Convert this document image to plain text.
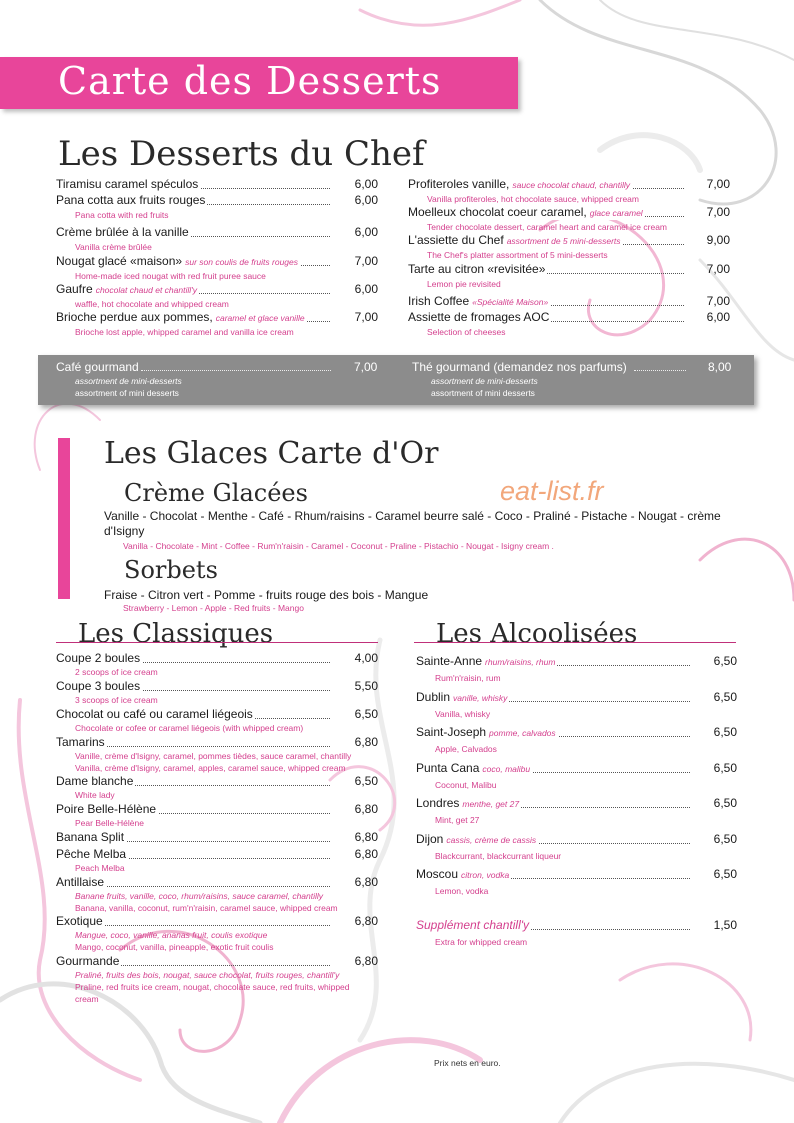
Carte des Desserts
Les Desserts du Chef
Tiramisu caramel spéculos	6,00
Pana cotta aux fruits rouges	6,00
Pana cotta with red fruits
Crème brûlée à la vanille	6,00
Vanilla crème brûlée
Nougat glacé «maison» sur son coulis de fruits rouges	7,00
Home-made iced nougat with red fruit puree sauce
Gaufre chocolat chaud et chantill'y	6,00
waffle, hot chocolate and whipped cream
Brioche perdue aux pommes, caramel et glace vanille	7,00
Brioche lost apple, whipped caramel and vanilla ice cream
Profiteroles vanille, sauce chocolat chaud, chantilly	7,00
Vanilla profiteroles, hot chocolate sauce, whipped cream
Moelleux chocolat coeur caramel, glace caramel	7,00
Tender chocolate dessert, caramel heart and caramel ice cream
L'assiette du Chef assortment de 5 mini-desserts	9,00
The Chef's platter assortment of 5 mini-desserts
Tarte au citron «revisitée»	7,00
Lemon pie revisited
Irish Coffee «Spécialité Maison»	7,00
Assiette de fromages AOC	6,00
Selection of cheeses
Café gourmand	7,00
assortment de mini-desserts
assortment of mini desserts
Thé gourmand (demandez nos parfums)	8,00
assortment de mini-desserts
assortment of mini desserts
Les Glaces Carte d'Or
Crème Glacées	eat-list.fr
Vanille - Chocolat - Menthe - Café - Rhum/raisins - Caramel beurre salé - Coco - Praliné - Pistache - Nougat - crème d'Isigny
Vanilla - Chocolate - Mint - Coffee - Rum'n'raisin - Caramel - Coconut - Praline - Pistachio - Nougat - Isigny cream .
Sorbets
Fraise - Citron vert - Pomme - fruits rouge des bois - Mangue
Strawberry - Lemon - Apple - Red fruits - Mango
Les Classiques
Coupe 2 boules	4,00
2 scoops of ice cream
Coupe 3 boules	5,50
3 scoops of ice cream
Chocolat ou café ou caramel liégeois	6,50
Chocolate or cofee or caramel liégeois (with whipped cream)
Tamarins	6,80
Vanille, crème d'Isigny, caramel, pommes tièdes, sauce caramel, chantilly
Vanilla, crème d'Isigny, caramel, apples, caramel sauce, whipped cream
Dame blanche	6,50
White lady
Poire Belle-Hélène	6,80
Pear Belle-Hélène
Banana Split	6,80
Pêche Melba	6,80
Peach Melba
Antillaise	6,80
Banane fruits, vanille, coco, rhum/raisins, sauce caramel, chantilly
Banana, vanilla, coconut, rum'n'raisin, caramel sauce, whipped cream
Exotique	6,80
Mangue, coco, vanille, ananas fruit, coulis exotique
Mango, coconut, vanilla, pineapple, exotic fruit coulis
Gourmande	6,80
Praliné, fruits des bois, nougat, sauce chocolat, fruits rouges, chantill'y
Praline, red fruits ice cream, nougat, chocolate sauce, red fruits, whipped
cream
Les Alcoolisées
Sainte-Anne rhum/raisins, rhum	6,50
Rum'n'raisin, rum
Dublin vanille, whisky	6,50
Vanilla, whisky
Saint-Joseph pomme, calvados	6,50
Apple, Calvados
Punta Cana coco, malibu	6,50
Coconut, Malibu
Londres menthe, get 27	6,50
Mint, get 27
Dijon cassis, crème de cassis	6,50
Blackcurrant, blackcurrant liqueur
Moscou citron, vodka	6,50
Lemon, vodka
Supplément chantill'y	1,50
Extra for whipped cream
Prix nets en euro.
